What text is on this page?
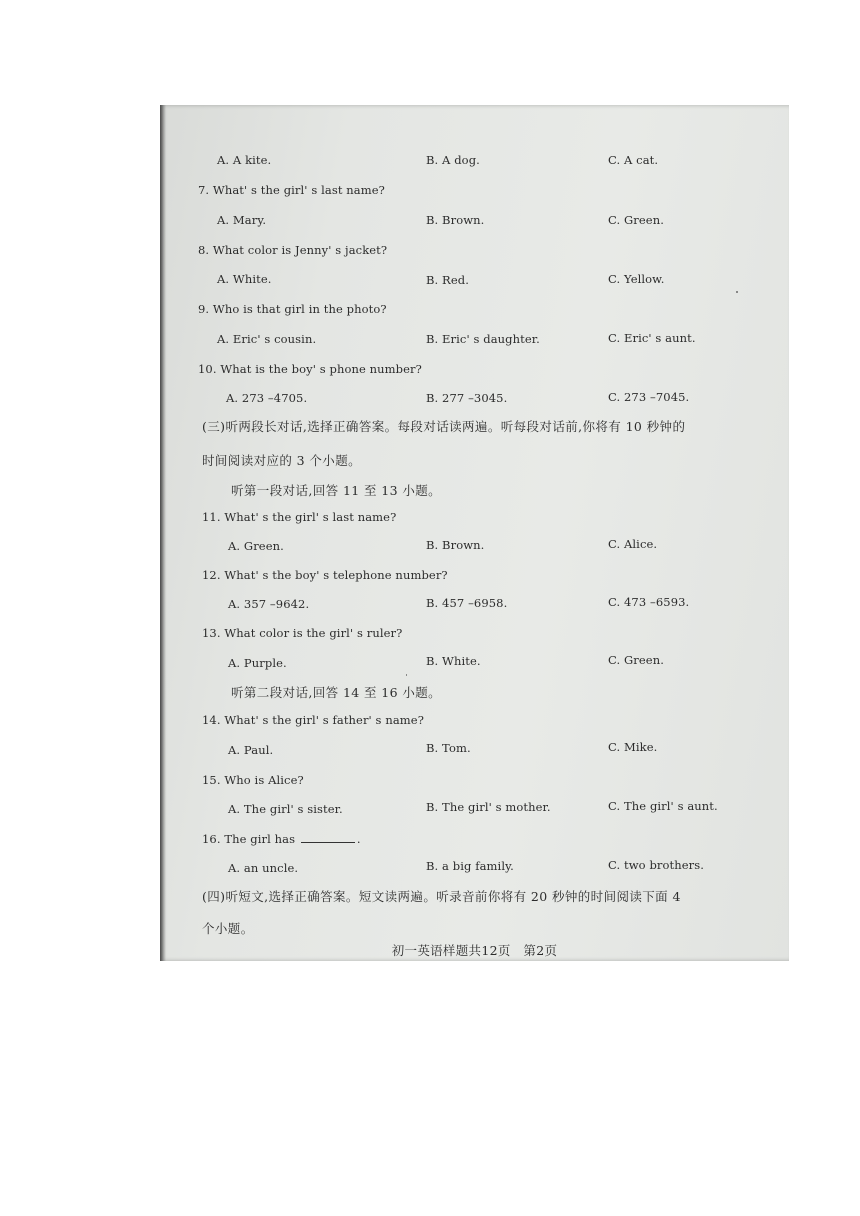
A. A kite.	B. A dog.	C. A cat.
7. What' s the girl' s last name?
A. Mary.	B. Brown.	C. Green.
8. What color is Jenny' s jacket?
A. White.	B. Red.	C. Yellow.
9. Who is that girl in the photo?
A. Eric' s cousin.	B. Eric' s daughter.	C. Eric' s aunt.
10. What is the boy' s phone number?
A. 273 –4705.	B. 277 –3045.	C. 273 –7045.
(三)听两段长对话,选择正确答案。每段对话读两遍。听每段对话前,你将有 10 秒钟的
时间阅读对应的 3 个小题。
听第一段对话,回答 11 至 13 小题。
11. What' s the girl' s last name?
A. Green.	B. Brown.	C. Alice.
12. What' s the boy' s telephone number?
A. 357 –9642.	B. 457 –6958.	C. 473 –6593.
13. What color is the girl' s ruler?
A. Purple.	B. White.	C. Green.
听第二段对话,回答 14 至 16 小题。
14. What' s the girl' s father' s name?
A. Paul.	B. Tom.	C. Mike.
15. Who is Alice?
A. The girl' s sister.	B. The girl' s mother.	C. The girl' s aunt.
16. The girl has	.
A. an uncle.	B. a big family.	C. two brothers.
(四)听短文,选择正确答案。短文读两遍。听录音前你将有 20 秒钟的时间阅读下面 4
个小题。
初一英语样题共12页　第2页
